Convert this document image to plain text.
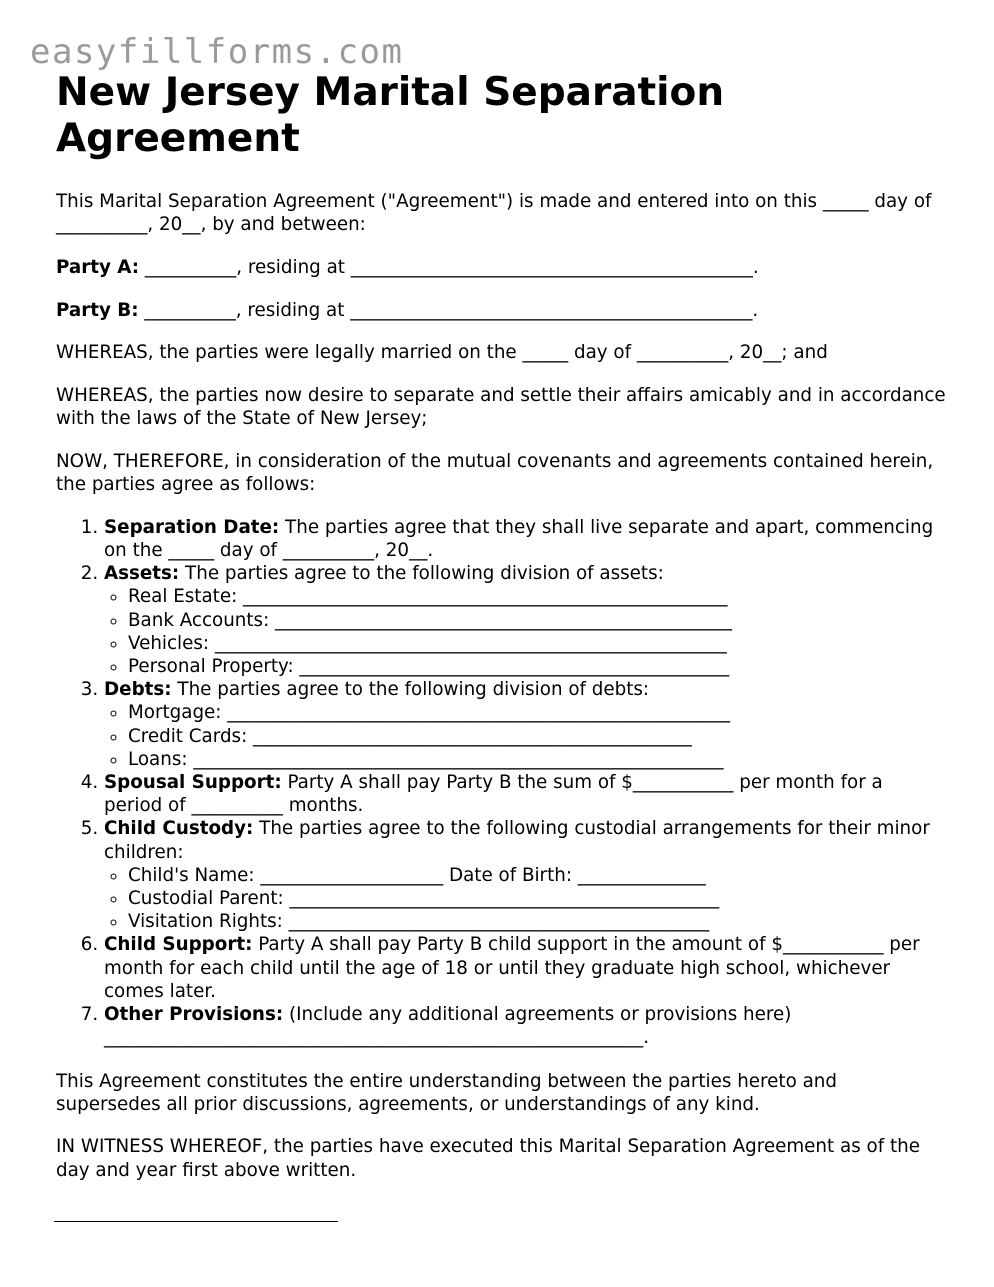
easyfillforms.com
New Jersey Marital Separation Agreement

This Marital Separation Agreement ("Agreement") is made and entered into on this _____ day of __________, 20__, by and between:

Party A: __________, residing at ____________________________________________.

Party B: __________, residing at ____________________________________________.

WHEREAS, the parties were legally married on the _____ day of __________, 20__; and

WHEREAS, the parties now desire to separate and settle their affairs amicably and in accordance with the laws of the State of New Jersey;

NOW, THEREFORE, in consideration of the mutual covenants and agreements contained herein, the parties agree as follows:

1. Separation Date: The parties agree that they shall live separate and apart, commencing on the _____ day of __________, 20__.
2. Assets: The parties agree to the following division of assets:
◦ Real Estate: _____________________________________________________
◦ Bank Accounts: __________________________________________________
◦ Vehicles: ________________________________________________________
◦ Personal Property: _______________________________________________
3. Debts: The parties agree to the following division of debts:
◦ Mortgage: _______________________________________________________
◦ Credit Cards: ________________________________________________
◦ Loans: __________________________________________________________
4. Spousal Support: Party A shall pay Party B the sum of $___________ per month for a period of __________ months.
5. Child Custody: The parties agree to the following custodial arrangements for their minor children:
◦ Child's Name: ____________________ Date of Birth: ______________
◦ Custodial Parent: _______________________________________________
◦ Visitation Rights: ______________________________________________
6. Child Support: Party A shall pay Party B child support in the amount of $___________ per month for each child until the age of 18 or until they graduate high school, whichever comes later.
7. Other Provisions: (Include any additional agreements or provisions here) ___________________________________________________________.

This Agreement constitutes the entire understanding between the parties hereto and supersedes all prior discussions, agreements, or understandings of any kind.

IN WITNESS WHEREOF, the parties have executed this Marital Separation Agreement as of the day and year first above written.
